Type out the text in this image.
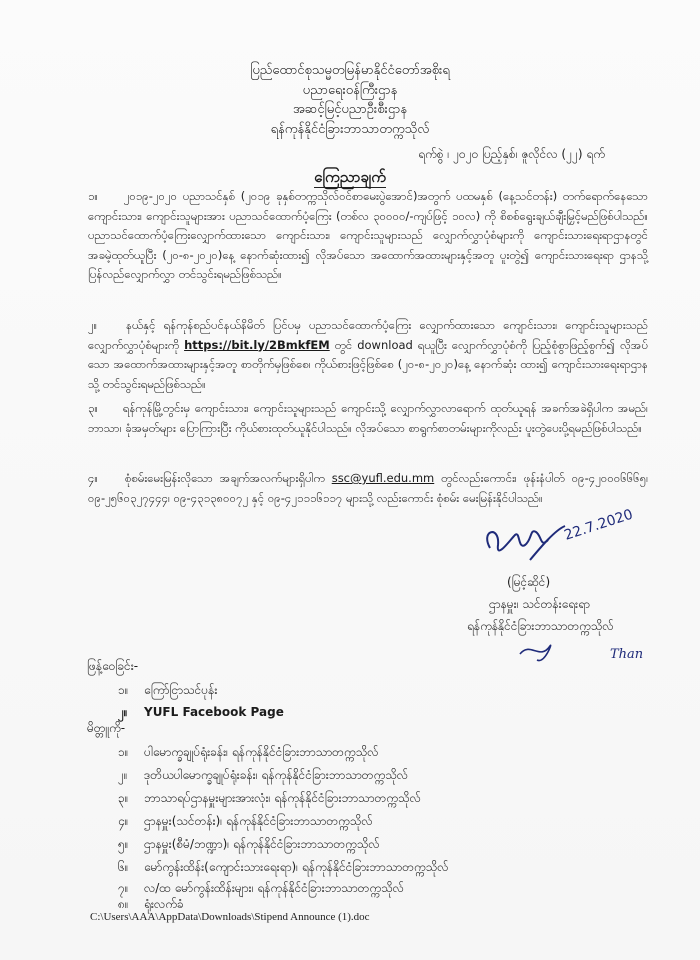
ပြည်ထောင်စုသမ္မတမြန်မာနိုင်ငံတော်အစိုးရ
ပညာရေးဝန်ကြီးဌာန
အဆင့်မြင့်ပညာဦးစီးဌာန
ရန်ကုန်နိုင်ငံခြားဘာသာတက္ကသိုလ်
ရက်စွဲ ၊ ၂၀၂၀ ပြည့်နှစ်၊ ဇူလိုင်လ (၂၂) ရက်
ကြေညာချက်
၁။ ၂၀၁၉-၂၀၂၀ ပညာသင်နှစ် (၂၀၁၉ ခုနှစ်တက္ကသိုလ်ဝင်စာမေးပွဲအောင်)အတွက် ပထမနှစ် (နေ့သင်တန်း) တက်ရောက်နေသော ကျောင်းသား၊ ကျောင်းသူများအား ပညာသင်ထောက်ပံ့ကြေး (တစ်လ ၃၀၀၀၀/-ကျပ်ဖြင့် ၁၀လ) ကို စိစစ်ရွေးချယ်ချီးမြှင့်မည်ဖြစ်ပါသည်။ ပညာသင်ထောက်ပံ့ကြေးလျှောက်ထားသော ကျောင်းသား၊ ကျောင်းသူများသည် လျှောက်လွှာပုံစံများကို ကျောင်းသားရေးရာဌာနတွင် အခမဲ့ထုတ်ယူပြီး (၂၀-၈-၂၀၂၀)နေ့ နောက်ဆုံးထား၍ လိုအပ်သော အထောက်အထားများနှင့်အတူ ပူးတွဲ၍ ကျောင်းသားရေးရာ ဌာနသို့ ပြန်လည်လျှောက်လွှာ တင်သွင်းရမည်ဖြစ်သည်။
၂။	နယ်နှင့် ရန်ကုန်စည်ပင်နယ်နိမိတ် ပြင်ပမှ ပညာသင်ထောက်ပံ့ကြေး လျှောက်ထားသော ကျောင်းသား၊ ကျောင်းသူများသည် လျှောက်လွှာပုံစံများကို https://bit.ly/2BmkfEM တွင် download ရယူပြီး လျှောက်လွှာပုံစံကို ပြည့်စုံစွာဖြည့်စွက်၍ လိုအပ်သော အထောက်အထားများနှင့်အတူ စာတိုက်မှဖြစ်စေ၊ ကိုယ်စားဖြင့်ဖြစ်စေ (၂၀-၈-၂၀၂၀)နေ့ နောက်ဆုံး ထား၍ ကျောင်းသားရေးရာဌာနသို့ တင်သွင်းရမည်ဖြစ်သည်။
၃။ ရန်ကုန်မြို့တွင်းမှ ကျောင်းသား၊ ကျောင်းသူများသည် ကျောင်းသို့ လျှောက်လွှာလာရောက် ထုတ်ယူရန် အခက်အခဲရှိပါက အမည်၊ ဘာသာ၊ ခုံအမှတ်များ ပြောကြားပြီး ကိုယ်စားထုတ်ယူနိုင်ပါသည်။ လိုအပ်သော စာရွက်စာတမ်းများကိုလည်း ပူးတွဲပေးပို့ရမည်ဖြစ်ပါသည်။
၄။ စုံစမ်းမေးမြန်းလိုသော အချက်အလက်များရှိပါက ssc@yufl.edu.mm တွင်လည်းကောင်း၊ ဖုန်းနံပါတ် ၀၉-၄၂၀၀၀၆၆၆၅၊ ၀၉-၂၅၆၀၃၂၇၄၄၄၊ ၀၉-၄၃၁၃၈၀၀၇၂ နှင့် ၀၉-၄၂၁၁၁၆၁၁၇ များသို့ လည်းကောင်း စုံစမ်း မေးမြန်းနိုင်ပါသည်။
22.7.2020
(မြင့်ဆိုင်)
ဌာနမှူး၊ သင်တန်းရေးရာ
ရန်ကုန်နိုင်ငံခြားဘာသာတက္ကသိုလ်
Than
ဖြန့်ဝေခြင်း-
၁။ ကြော်ငြာသင်ပုန်း
၂။ YUFL Facebook Page
မိတ္တူကို-
၁။ ပါမောက္ခချုပ်ရုံးခန်း၊ ရန်ကုန်နိုင်ငံခြားဘာသာတက္ကသိုလ်
၂။ ဒုတိယပါမောက္ခချုပ်ရုံးခန်း၊ ရန်ကုန်နိုင်ငံခြားဘာသာတက္ကသိုလ်
၃။ ဘာသာရပ်ဌာနမှူးများအားလုံး၊ ရန်ကုန်နိုင်ငံခြားဘာသာတက္ကသိုလ်
၄။ ဌာနမှူး(သင်တန်း)၊ ရန်ကုန်နိုင်ငံခြားဘာသာတက္ကသိုလ်
၅။ ဌာနမှူး(စီမံ/ဘဏ္ဍာ)၊ ရန်ကုန်နိုင်ငံခြားဘာသာတက္ကသိုလ်
၆။ မော်ကွန်းထိန်း(ကျောင်းသားရေးရာ)၊ ရန်ကုန်နိုင်ငံခြားဘာသာတက္ကသိုလ်
၇။ လ/ထ မော်ကွန်းထိန်းများ၊ ရန်ကုန်နိုင်ငံခြားဘာသာတက္ကသိုလ်
၈။ ရုံးလက်ခံ
C:\Users\AAA\AppData\Downloads\Stipend Announce (1).doc
